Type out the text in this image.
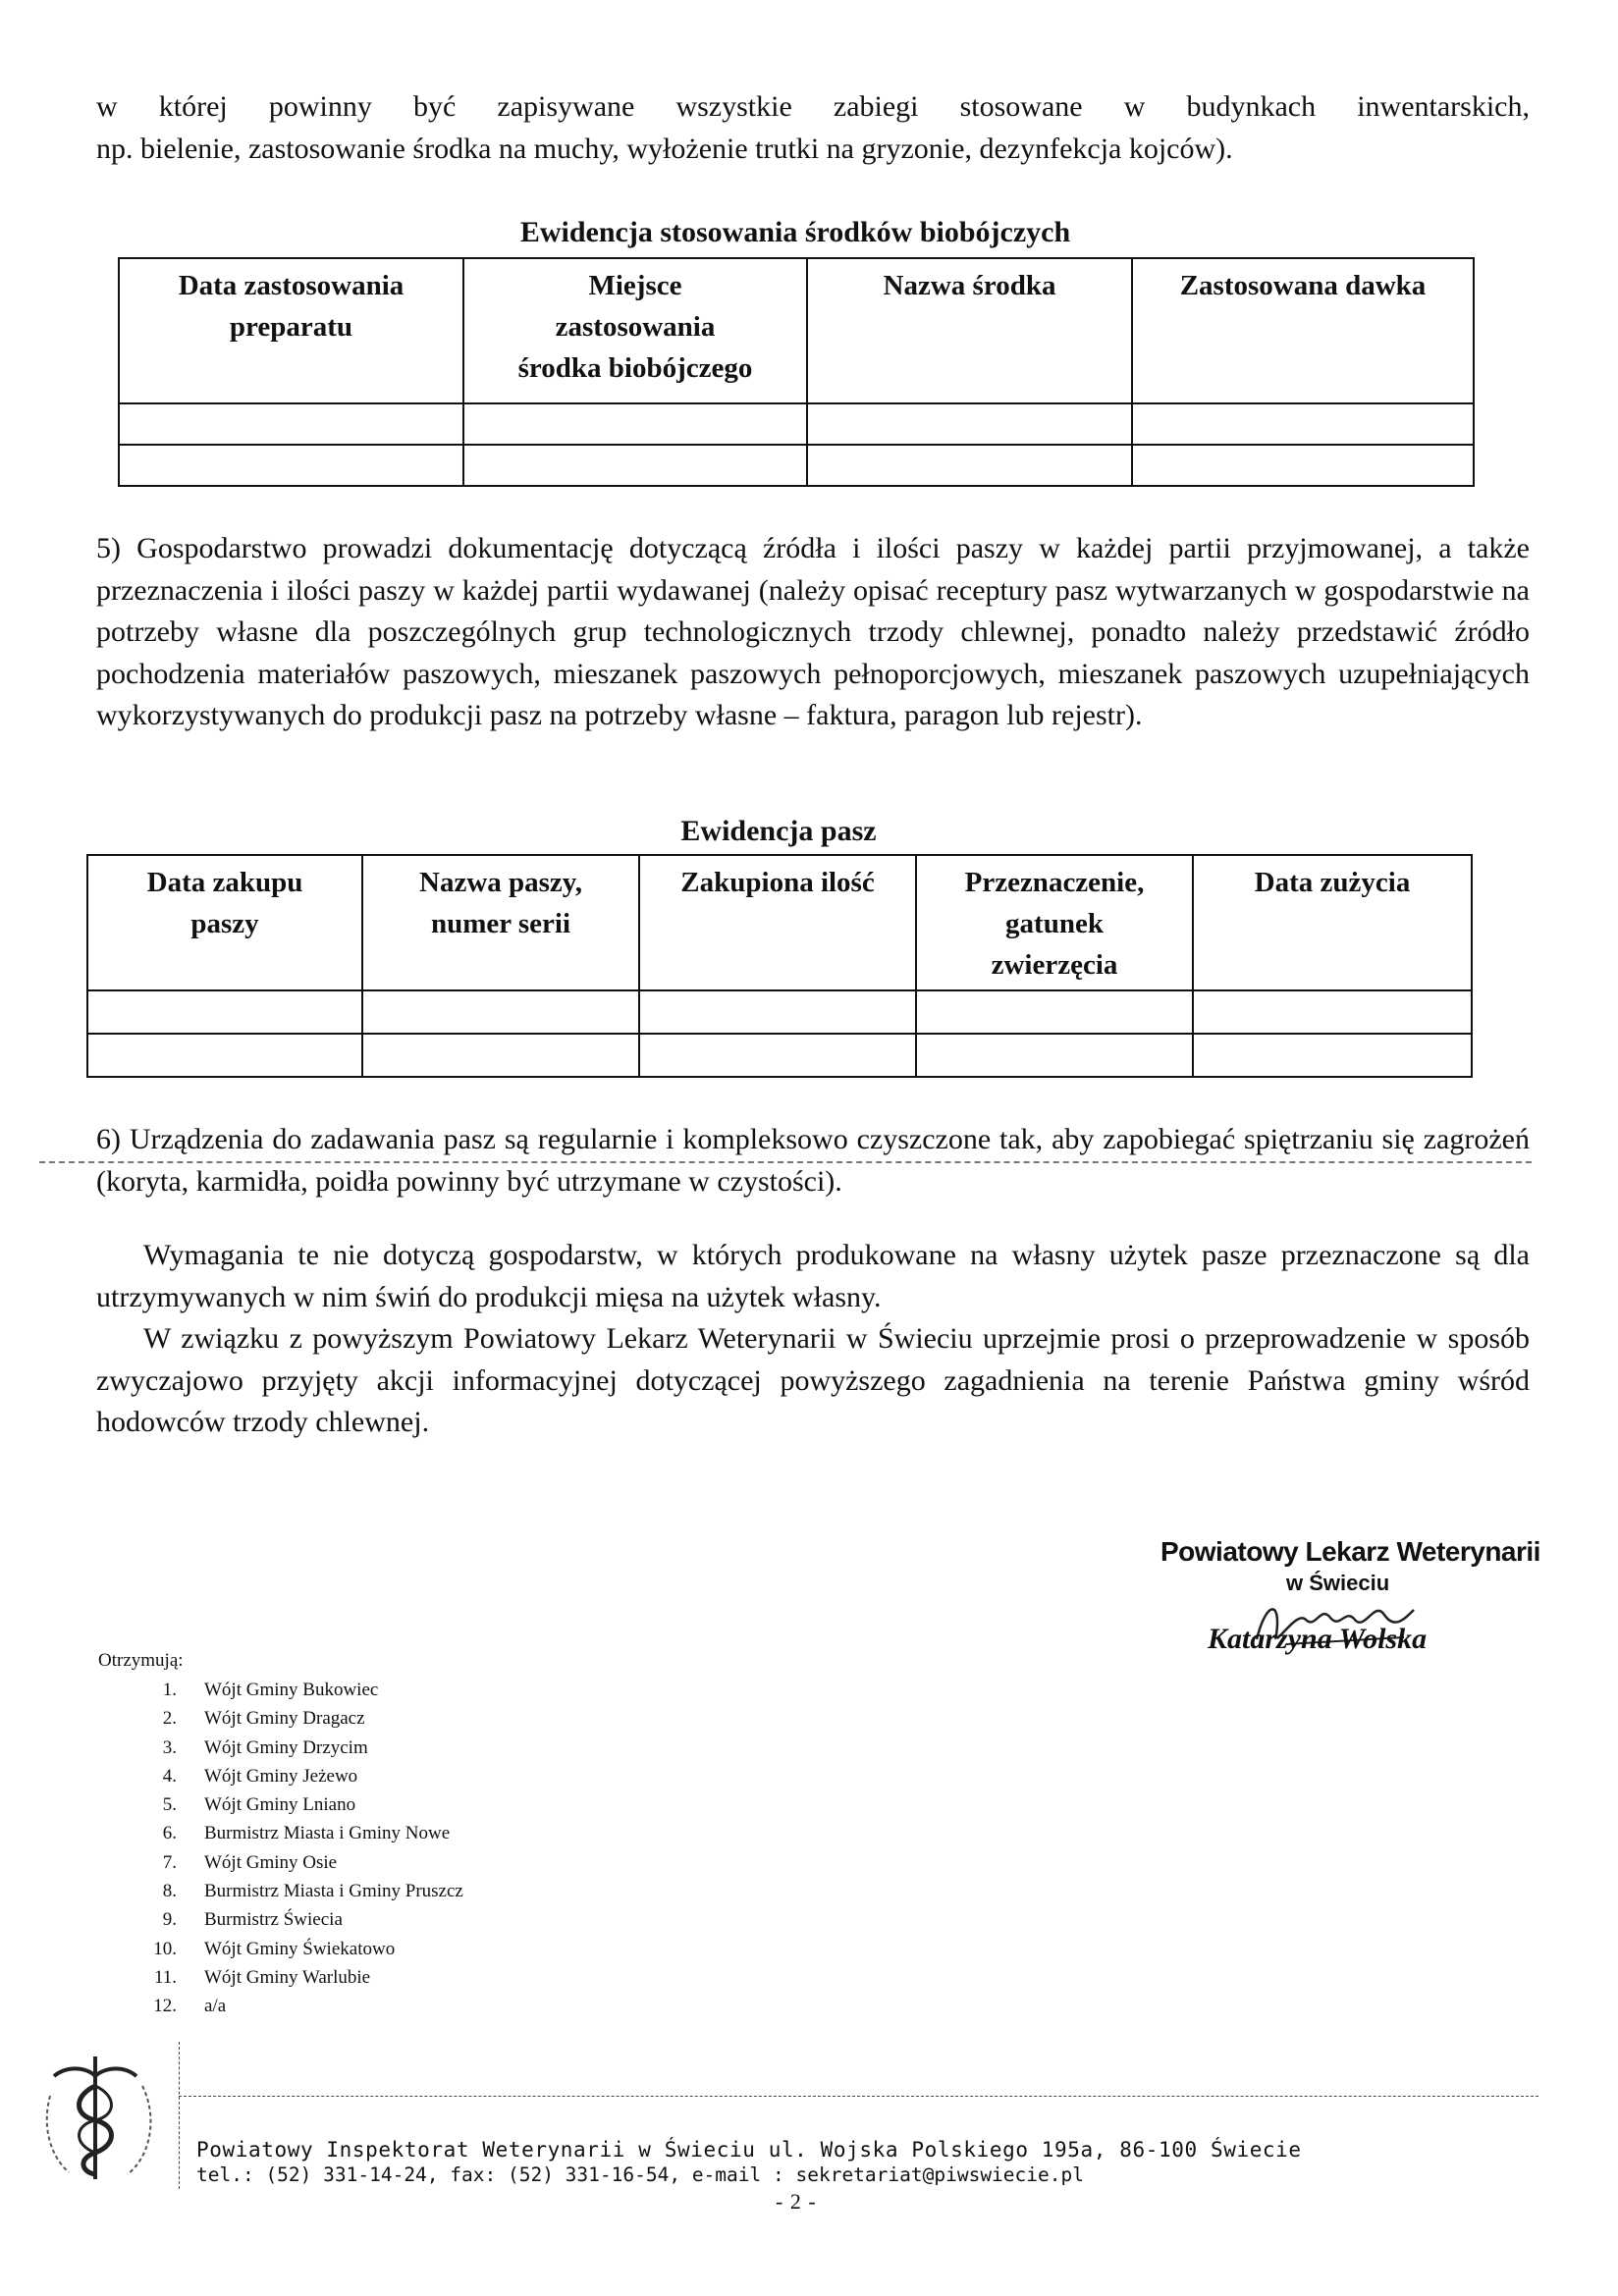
w której powinny być zapisywane wszystkie zabiegi stosowane w budynkach inwentarskich,
np. bielenie, zastosowanie środka na muchy, wyłożenie trutki na gryzonie, dezynfekcja kojców).
Ewidencja stosowania środków biobójczych
Data zastosowania
preparatu	Miejsce
zastosowania
środka biobójczego	Nazwa środka	Zastosowana dawka

5) Gospodarstwo prowadzi dokumentację dotyczącą źródła i ilości paszy w każdej partii przyjmowanej, a także przeznaczenia i ilości paszy w każdej partii wydawanej (należy opisać receptury pasz wytwarzanych w gospodarstwie na potrzeby własne dla poszczególnych grup technologicznych trzody chlewnej, ponadto należy przedstawić źródło pochodzenia materiałów paszowych, mieszanek paszowych pełnoporcjowych, mieszanek paszowych uzupełniających wykorzystywanych do produkcji pasz na potrzeby własne – faktura, paragon lub rejestr).
Ewidencja pasz
Data zakupu
paszy	Nazwa paszy,
numer serii	Zakupiona ilość	Przeznaczenie,
gatunek
zwierzęcia	Data zużycia

6) Urządzenia do zadawania pasz są regularnie i kompleksowo czyszczone tak, aby zapobiegać spiętrzaniu się zagrożeń (koryta, karmidła, poidła powinny być utrzymane w czystości).
Wymagania te nie dotyczą gospodarstw, w których produkowane na własny użytek pasze przeznaczone są dla utrzymywanych w nim świń do produkcji mięsa na użytek własny.
W związku z powyższym Powiatowy Lekarz Weterynarii w Świeciu uprzejmie prosi o przeprowadzenie w sposób zwyczajowo przyjęty akcji informacyjnej dotyczącej powyższego zagadnienia na terenie Państwa gminy wśród hodowców trzody chlewnej.
Powiatowy Lekarz Weterynarii
w Świeciu
Katarzyna Wolska
Otrzymują:
1. Wójt Gminy Bukowiec
2. Wójt Gminy Dragacz
3. Wójt Gminy Drzycim
4. Wójt Gminy Jeżewo
5. Wójt Gminy Lniano
6. Burmistrz Miasta i Gminy Nowe
7. Wójt Gminy Osie
8. Burmistrz Miasta i Gminy Pruszcz
9. Burmistrz Świecia
10. Wójt Gminy Świekatowo
11. Wójt Gminy Warlubie
12. a/a
Powiatowy Inspektorat Weterynarii w Świeciu ul. Wojska Polskiego 195a, 86-100 Świecie
tel.: (52) 331-14-24, fax: (52) 331-16-54, e-mail : sekretariat@piwswiecie.pl
- 2 -
